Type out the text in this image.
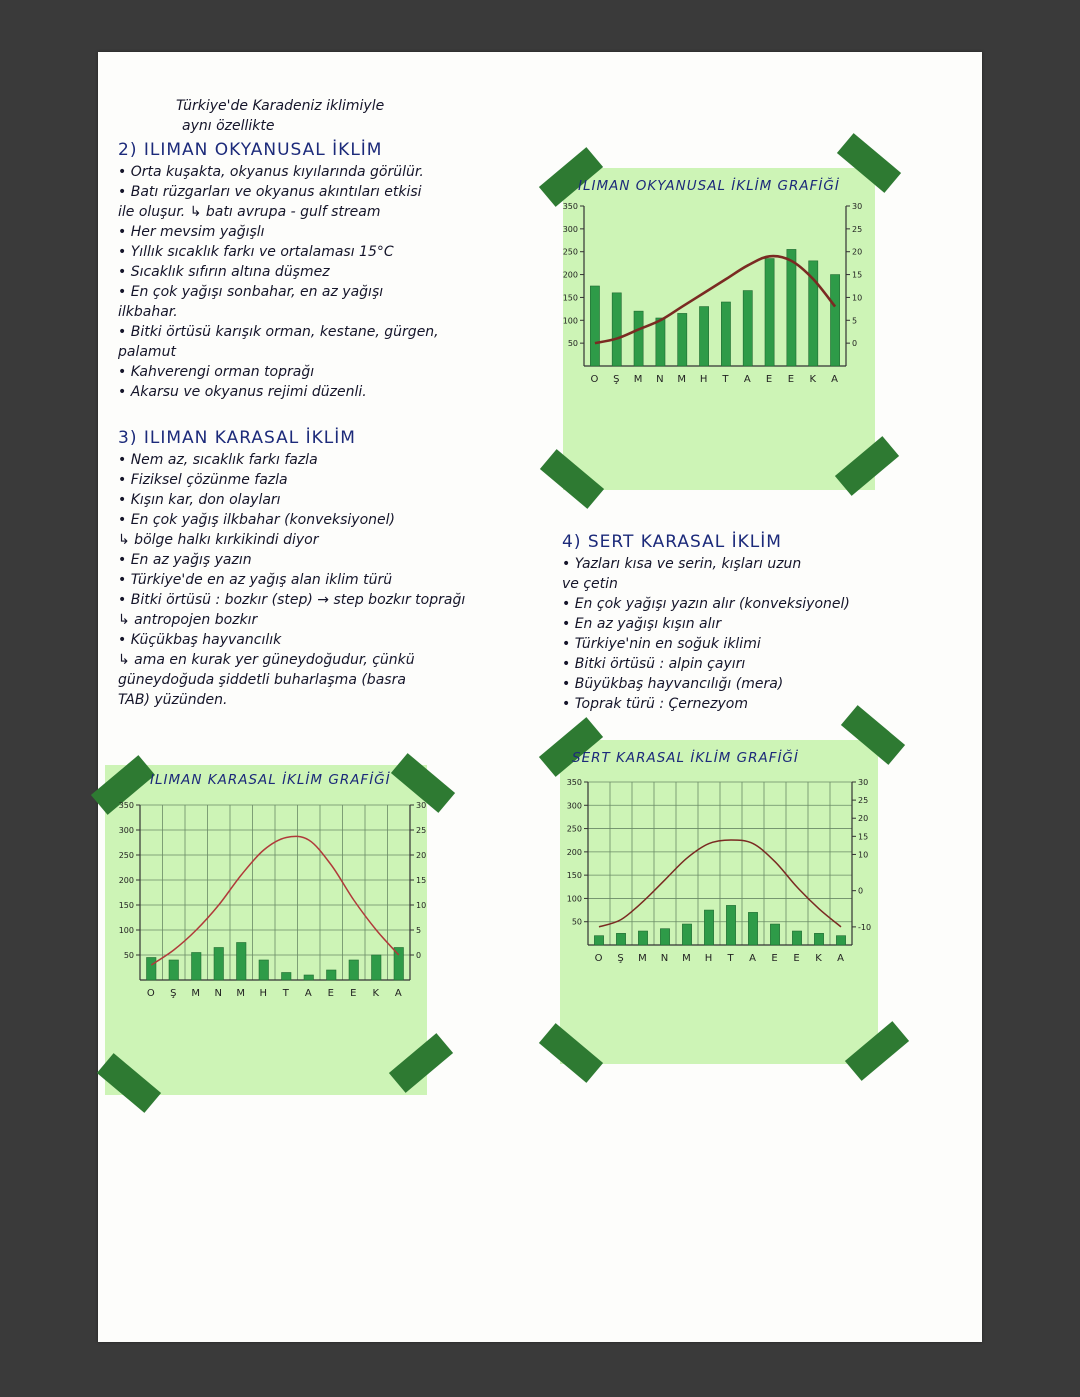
Türkiye'de Karadeniz iklimiyle
aynı özellikte
2) ILIMAN OKYANUSAL İKLİM
• Orta kuşakta, okyanus kıyılarında görülür.
• Batı rüzgarları ve okyanus akıntıları etkisi
ile oluşur. ↳ batı avrupa - gulf stream
• Her mevsim yağışlı
• Yıllık sıcaklık farkı ve ortalaması 15°C
• Sıcaklık sıfırın altına düşmez
• En çok yağışı sonbahar, en az yağışı
ilkbahar.
• Bitki örtüsü karışık orman, kestane, gürgen,
palamut
• Kahverengi orman toprağı
• Akarsu ve okyanus rejimi düzenli.
3) ILIMAN KARASAL İKLİM
• Nem az, sıcaklık farkı fazla
• Fiziksel çözünme fazla
• Kışın kar, don olayları
• En çok yağış ilkbahar (konveksiyonel)
↳ bölge halkı kırkikindi diyor
• En az yağış yazın
• Türkiye'de en az yağış alan iklim türü
• Bitki örtüsü : bozkır (step) → step bozkır toprağı
↳ antropojen bozkır
• Küçükbaş hayvancılık
↳ ama en kurak yer güneydoğudur, çünkü
güneydoğuda şiddetli buharlaşma (basra
TAB) yüzünden.
4) SERT KARASAL İKLİM
• Yazları kısa ve serin, kışları uzun
ve çetin
• En çok yağışı yazın alır (konveksiyonel)
• En az yağışı kışın alır
• Türkiye'nin en soğuk iklimi
• Bitki örtüsü : alpin çayırı
• Büyükbaş hayvancılığı (mera)
• Toprak türü : Çernezyom
ILIMAN OKYANUSAL İKLİM GRAFİĞİ
ILIMAN KARASAL İKLİM GRAFİĞİ
SERT KARASAL İKLİM GRAFİĞİ
50
100
150
200
250
300
350
0
5
10
15
20
25
30
O Ş M N M H T A E E K A
50
100
150
200
250
300
350
0
5
10
15
20
25
30
O Ş M N M H T A E E K A
50
100
150
200
250
300
350
-10
0
10
15
20
25
30
O Ş M N M H T A E E K A
